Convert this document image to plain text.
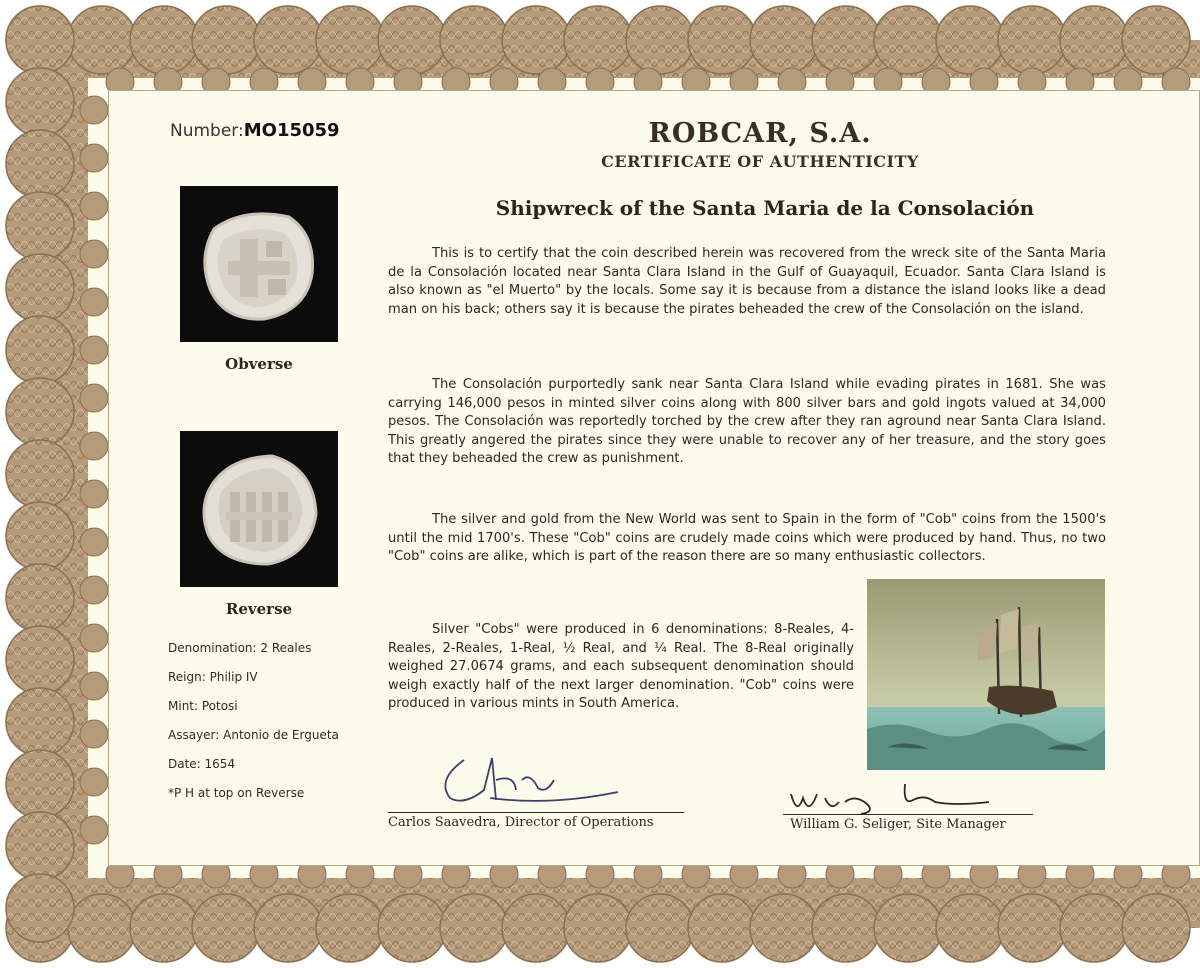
Number:MO15059	ROBCAR, S.A.
CERTIFICATE OF AUTHENTICITY
Shipwreck of the Santa Maria de la Consolación
Obverse
Reverse
Denomination: 2 Reales
Reign: Philip IV
Mint: Potosi
Assayer: Antonio de Ergueta
Date: 1654
*P H at top on Reverse

This is to certify that the coin described herein was recovered from the wreck site of the Santa Maria de la Consolación located near Santa Clara Island in the Gulf of Guayaquil, Ecuador. Santa Clara Island is also known as "el Muerto" by the locals. Some say it is because from a distance the island looks like a dead man on his back; others say it is because the pirates beheaded the crew of the Consolación on the island.

The Consolación purportedly sank near Santa Clara Island while evading pirates in 1681. She was carrying 146,000 pesos in minted silver coins along with 800 silver bars and gold ingots valued at 34,000 pesos. The Consolación was reportedly torched by the crew after they ran aground near Santa Clara Island. This greatly angered the pirates since they were unable to recover any of her treasure, and the story goes that they beheaded the crew as punishment.

The silver and gold from the New World was sent to Spain in the form of "Cob" coins from the 1500's until the mid 1700's. These "Cob" coins are crudely made coins which were produced by hand. Thus, no two "Cob" coins are alike, which is part of the reason there are so many enthusiastic collectors.

Silver "Cobs" were produced in 6 denominations: 8-Reales, 4-Reales, 2-Reales, 1-Real, ½ Real, and ¼ Real. The 8-Real originally weighed 27.0674 grams, and each subsequent denomination should weigh exactly half of the next larger denomination. "Cob" coins were produced in various mints in South America.

Carlos Saavedra, Director of Operations	William G. Seliger, Site Manager
